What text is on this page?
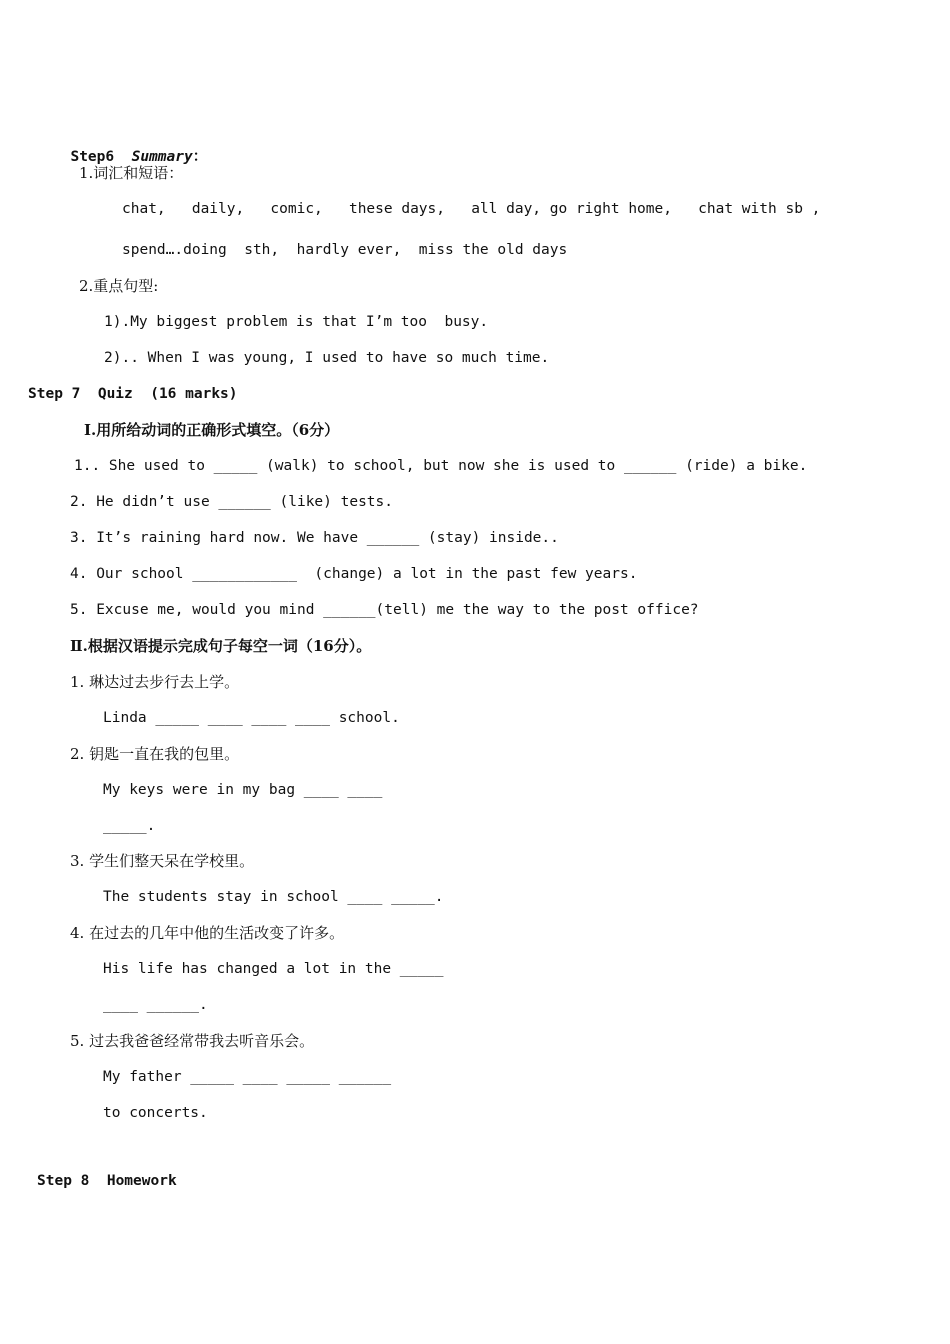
Step6 Summary：

1.词汇和短语：
chat,   daily,   comic,   these days,   all day, go right home,   chat with sb ,
spend….doing  sth,  hardly ever,  miss the old days
2.重点句型:
1).My biggest problem is that I’m too  busy.
2).. When I was young, I used to have so much time.
Step 7  Quiz  (16 marks)
Ⅰ.用所给动词的正确形式填空。（6分）
1.. She used to _____ (walk) to school, but now she is used to ______ (ride) a bike.
2. He didn’t use ______ (like) tests.
3. It’s raining hard now. We have ______ (stay) inside..
4. Our school ____________  (change) a lot in the past few years.
5. Excuse me, would you mind ______(tell) me the way to the post office?
Ⅱ.根据汉语提示完成句子每空一词（16分）。
1. 琳达过去步行去上学。
Linda _____ ____ ____ ____ school.
2. 钥匙一直在我的包里。
My keys were in my bag ____ ____
_____.
3. 学生们整天呆在学校里。
The students stay in school ____ _____.
4. 在过去的几年中他的生活改变了许多。
His life has changed a lot in the _____
____ ______.
5. 过去我爸爸经常带我去听音乐会。
My father _____ ____ _____ ______
to concerts.
Step 8  Homework
